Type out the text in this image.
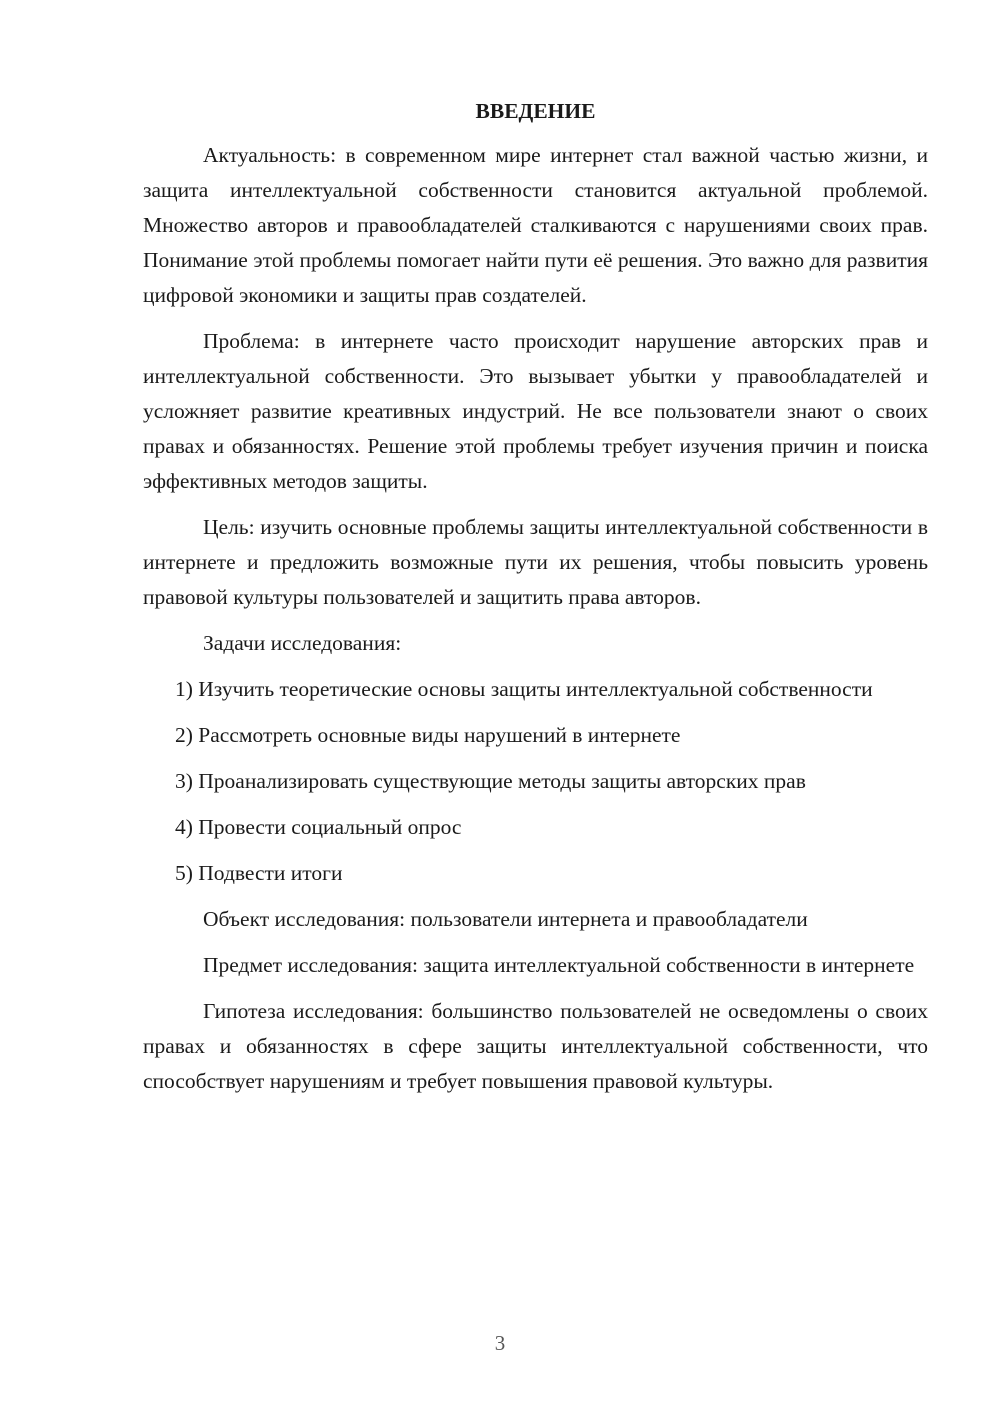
ВВЕДЕНИЕ
Актуальность: в современном мире интернет стал важной частью жизни, и защита интеллектуальной собственности становится актуальной проблемой. Множество авторов и правообладателей сталкиваются с нарушениями своих прав. Понимание этой проблемы помогает найти пути её решения. Это важно для развития цифровой экономики и защиты прав создателей.
Проблема: в интернете часто происходит нарушение авторских прав и интеллектуальной собственности. Это вызывает убытки у правообладателей и усложняет развитие креативных индустрий. Не все пользователи знают о своих правах и обязанностях. Решение этой проблемы требует изучения причин и поиска эффективных методов защиты.
Цель: изучить основные проблемы защиты интеллектуальной собственности в интернете и предложить возможные пути их решения, чтобы повысить уровень правовой культуры пользователей и защитить права авторов.
Задачи исследования:
1) Изучить теоретические основы защиты интеллектуальной собственности
2) Рассмотреть основные виды нарушений в интернете
3) Проанализировать существующие методы защиты авторских прав
4) Провести социальный опрос
5) Подвести итоги
Объект исследования: пользователи интернета и правообладатели
Предмет исследования: защита интеллектуальной собственности в интернете
Гипотеза исследования: большинство пользователей не осведомлены о своих правах и обязанностях в сфере защиты интеллектуальной собственности, что способствует нарушениям и требует повышения правовой культуры.
3
